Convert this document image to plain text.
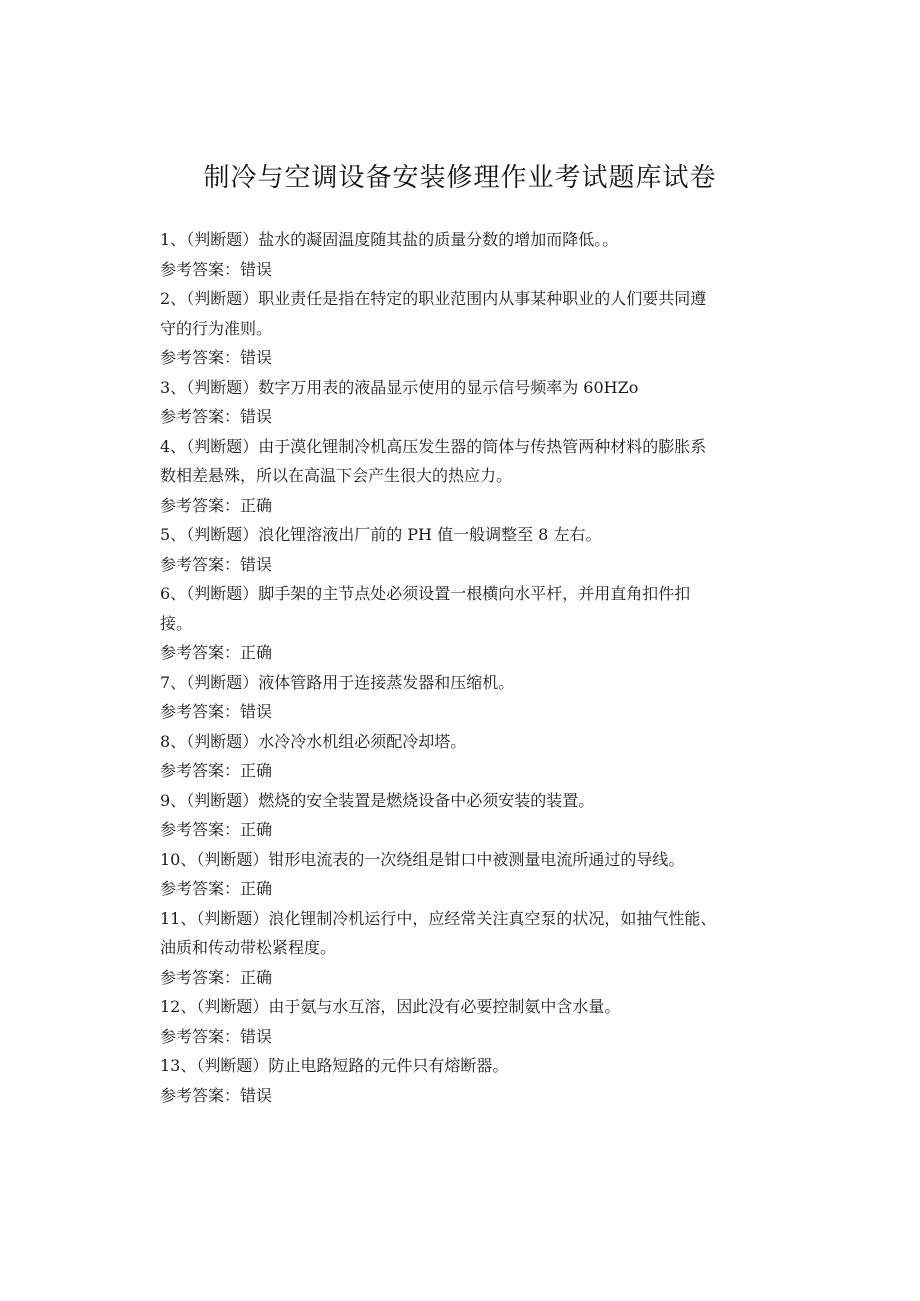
制冷与空调设备安装修理作业考试题库试卷

1、（判断题）盐水的凝固温度随其盐的质量分数的增加而降低。。

参考答案：错误

2、（判断题）职业责任是指在特定的职业范围内从事某种职业的人们要共同遵

守的行为准则。

参考答案：错误

3、（判断题）数字万用表的液晶显示使用的显示信号频率为 60HZo

参考答案：错误

4、（判断题）由于漠化锂制冷机高压发生器的筒体与传热管两种材料的膨胀系

数相差悬殊，所以在高温下会产生很大的热应力。

参考答案：正确

5、（判断题）浪化锂溶液出厂前的 PH 值一般调整至 8 左右。

参考答案：错误

6、（判断题）脚手架的主节点处必须设置一根横向水平杆，并用直角扣件扣

接。

参考答案：正确

7、（判断题）液体管路用于连接蒸发器和压缩机。

参考答案：错误

8、（判断题）水冷冷水机组必须配冷却塔。

参考答案：正确

9、（判断题）燃烧的安全装置是燃烧设备中必须安装的装置。

参考答案：正确

10、（判断题）钳形电流表的一次绕组是钳口中被测量电流所通过的导线。

参考答案：正确

11、（判断题）浪化锂制冷机运行中，应经常关注真空泵的状况，如抽气性能、

油质和传动带松紧程度。

参考答案：正确

12、（判断题）由于氨与水互溶，因此没有必要控制氨中含水量。

参考答案：错误

13、（判断题）防止电路短路的元件只有熔断器。

参考答案：错误
